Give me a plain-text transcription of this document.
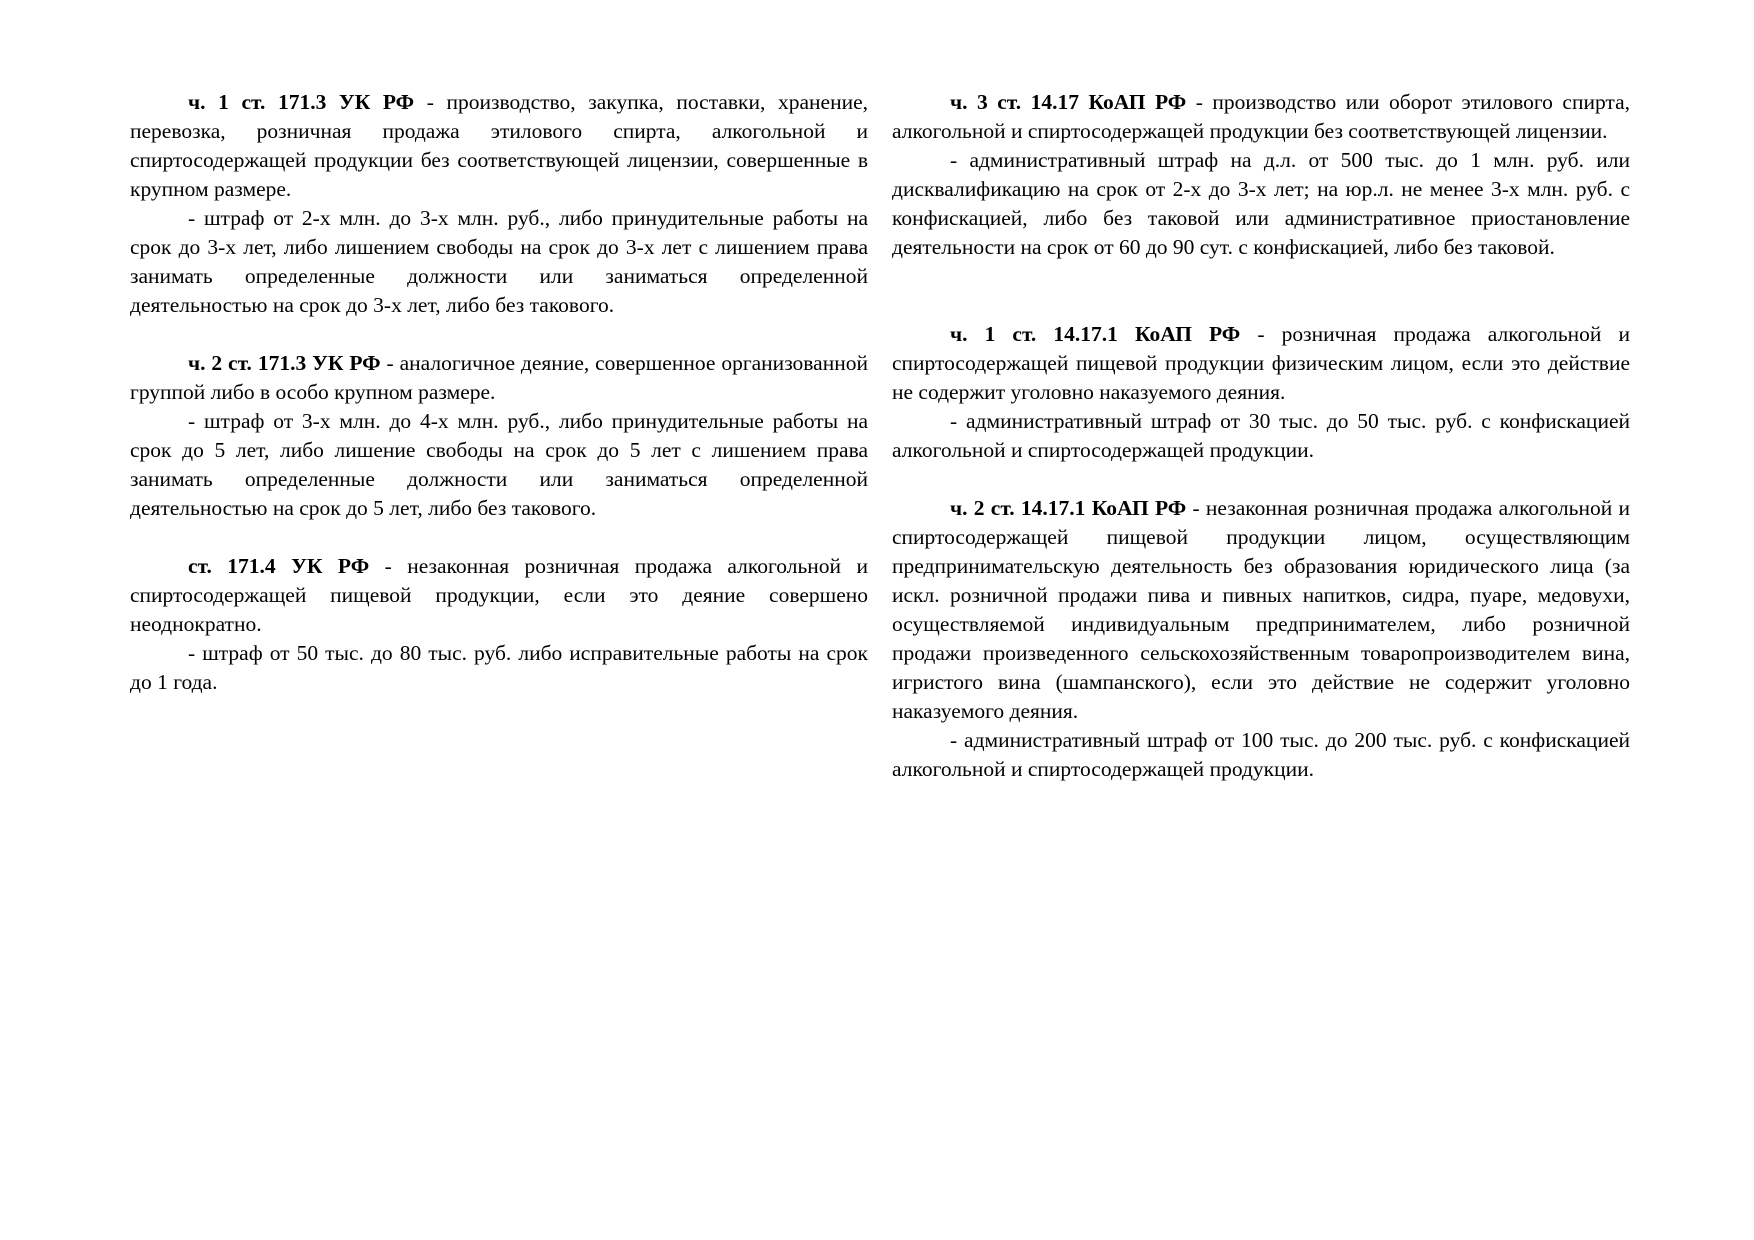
ч. 1 ст. 171.3 УК РФ - производство, закупка, поставки, хранение, перевозка, розничная продажа этилового спирта, алкогольной и спиртосодержащей продукции без соответствующей лицензии, совершенные в крупном размере.

- штраф от 2-х млн. до 3-х млн. руб., либо принудительные работы на срок до 3-х лет, либо лишением свободы на срок до 3-х лет с лишением права занимать определенные должности или заниматься определенной деятельностью на срок до 3-х лет, либо без такового.

ч. 2 ст. 171.3 УК РФ - аналогичное деяние, совершенное организованной группой либо в особо крупном размере.

- штраф от 3-х млн. до 4-х млн. руб., либо принудительные работы на срок до 5 лет, либо лишение свободы на срок до 5 лет с лишением права занимать определенные должности или заниматься определенной деятельностью на срок до 5 лет, либо без такового.

ст. 171.4 УК РФ - незаконная розничная продажа алкогольной и спиртосодержащей пищевой продукции, если это деяние совершено неоднократно.

- штраф от 50 тыс. до 80 тыс. руб. либо исправительные работы на срок до 1 года.

ч. 3 ст. 14.17 КоАП РФ - производство или оборот этилового спирта, алкогольной и спиртосодержащей продукции без соответствующей лицензии.

- административный штраф на д.л. от 500 тыс. до 1 млн. руб. или дисквалификацию на срок от 2-х до 3-х лет; на юр.л. не менее 3-х млн. руб. с конфискацией, либо без таковой или административное приостановление деятельности на срок от 60 до 90 сут. с конфискацией, либо без таковой.

ч. 1 ст. 14.17.1 КоАП РФ - розничная продажа алкогольной и спиртосодержащей пищевой продукции физическим лицом, если это действие не содержит уголовно наказуемого деяния.

- административный штраф от 30 тыс. до 50 тыс. руб. с конфискацией алкогольной и спиртосодержащей продукции.

ч. 2 ст. 14.17.1 КоАП РФ - незаконная розничная продажа алкогольной и спиртосодержащей пищевой продукции лицом, осуществляющим предпринимательскую деятельность без образования юридического лица (за искл. розничной продажи пива и пивных напитков, сидра, пуаре, медовухи, осуществляемой индивидуальным предпринимателем, либо розничной продажи произведенного сельскохозяйственным товаропроизводителем вина, игристого вина (шампанского), если это действие не содержит уголовно наказуемого деяния.

- административный штраф от 100 тыс. до 200 тыс. руб. с конфискацией алкогольной и спиртосодержащей продукции.
